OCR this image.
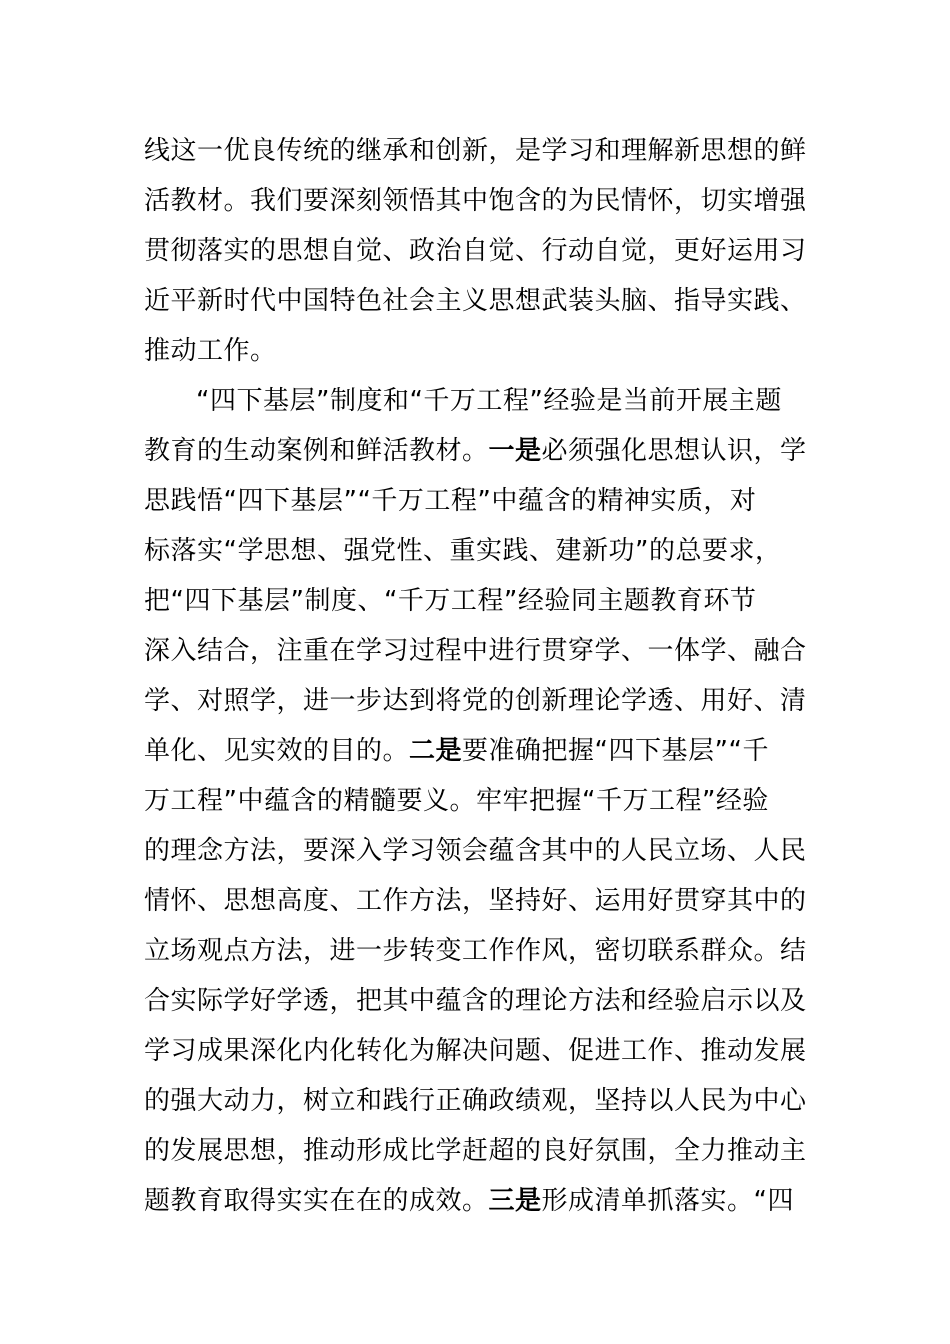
线这一优良传统的继承和创新，是学习和理解新思想的鲜
活教材。我们要深刻领悟其中饱含的为民情怀，切实增强
贯彻落实的思想自觉、政治自觉、行动自觉，更好运用习
近平新时代中国特色社会主义思想武装头脑、指导实践、
推动工作。
“四下基层”制度和“千万工程”经验是当前开展主题
教育的生动案例和鲜活教材。一是必须强化思想认识，学
思践悟“四下基层”“千万工程”中蕴含的精神实质，对
标落实“学思想、强党性、重实践、建新功”的总要求，
把“四下基层”制度、“千万工程”经验同主题教育环节
深入结合，注重在学习过程中进行贯穿学、一体学、融合
学、对照学，进一步达到将党的创新理论学透、用好、清
单化、见实效的目的。二是要准确把握“四下基层”“千
万工程”中蕴含的精髓要义。牢牢把握“千万工程”经验
的理念方法，要深入学习领会蕴含其中的人民立场、人民
情怀、思想高度、工作方法，坚持好、运用好贯穿其中的
立场观点方法，进一步转变工作作风，密切联系群众。结
合实际学好学透，把其中蕴含的理论方法和经验启示以及
学习成果深化内化转化为解决问题、促进工作、推动发展
的强大动力，树立和践行正确政绩观，坚持以人民为中心
的发展思想，推动形成比学赶超的良好氛围，全力推动主
题教育取得实实在在的成效。三是形成清单抓落实。“四
